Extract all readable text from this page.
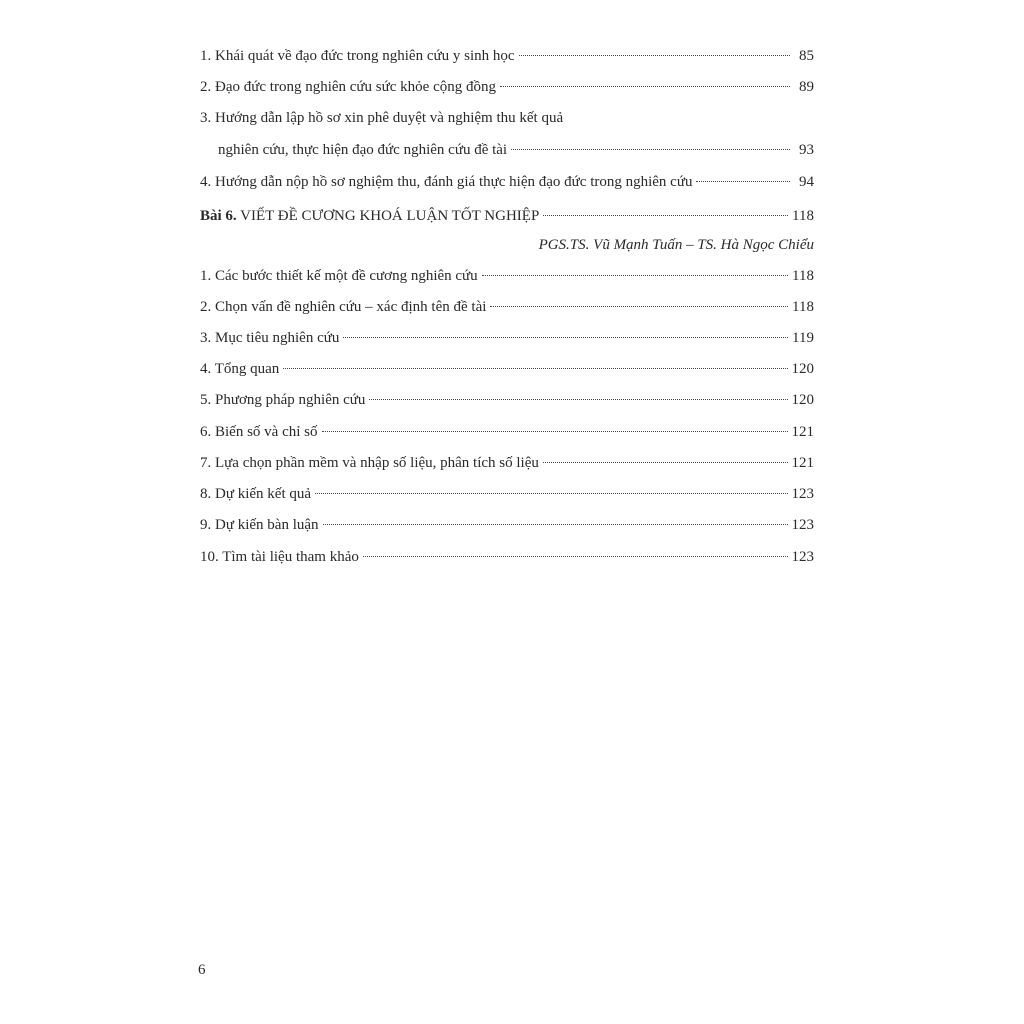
1. Khái quát về đạo đức trong nghiên cứu y sinh học	85
2. Đạo đức trong nghiên cứu sức khỏe cộng đồng	89
3. Hướng dẫn lập hồ sơ xin phê duyệt và nghiệm thu kết quả
nghiên cứu, thực hiện đạo đức nghiên cứu đề tài	93
4. Hướng dẫn nộp hồ sơ nghiệm thu, đánh giá thực hiện đạo đức trong nghiên cứu	94
Bài 6. VIẾT ĐỀ CƯƠNG KHOÁ LUẬN TỐT NGHIỆP	118
PGS.TS. Vũ Mạnh Tuấn – TS. Hà Ngọc Chiểu
1. Các bước thiết kế một đề cương nghiên cứu	118
2. Chọn vấn đề nghiên cứu – xác định tên đề tài	118
3. Mục tiêu nghiên cứu	119
4. Tổng quan	120
5. Phương pháp nghiên cứu	120
6. Biến số và chỉ số	121
7. Lựa chọn phần mềm và nhập số liệu, phân tích số liệu	121
8. Dự kiến kết quả	123
9. Dự kiến bàn luận	123
10. Tìm tài liệu tham khảo	123
6
